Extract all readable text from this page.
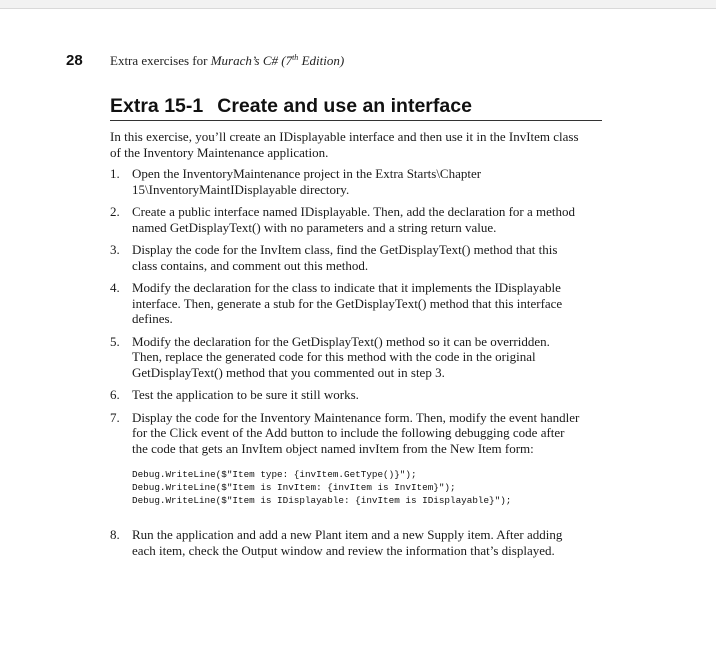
28 Extra exercises for Murach’s C# (7th Edition)
Extra 15-1 Create and use an interface
In this exercise, you’ll create an IDisplayable interface and then use it in the InvItem class of the Inventory Maintenance application.
1. Open the InventoryMaintenance project in the Extra Starts\Chapter 15\InventoryMaintIDisplayable directory.
2. Create a public interface named IDisplayable. Then, add the declaration for a method named GetDisplayText() with no parameters and a string return value.
3. Display the code for the InvItem class, find the GetDisplayText() method that this class contains, and comment out this method.
4. Modify the declaration for the class to indicate that it implements the IDisplayable interface. Then, generate a stub for the GetDisplayText() method that this interface defines.
5. Modify the declaration for the GetDisplayText() method so it can be overridden. Then, replace the generated code for this method with the code in the original GetDisplayText() method that you commented out in step 3.
6. Test the application to be sure it still works.
7. Display the code for the Inventory Maintenance form. Then, modify the event handler for the Click event of the Add button to include the following debugging code after the code that gets an InvItem object named invItem from the New Item form:
Debug.WriteLine($"Item type: {invItem.GetType()}");
Debug.WriteLine($"Item is InvItem: {invItem is InvItem}");
Debug.WriteLine($"Item is IDisplayable: {invItem is IDisplayable}");
8. Run the application and add a new Plant item and a new Supply item. After adding each item, check the Output window and review the information that’s displayed.
